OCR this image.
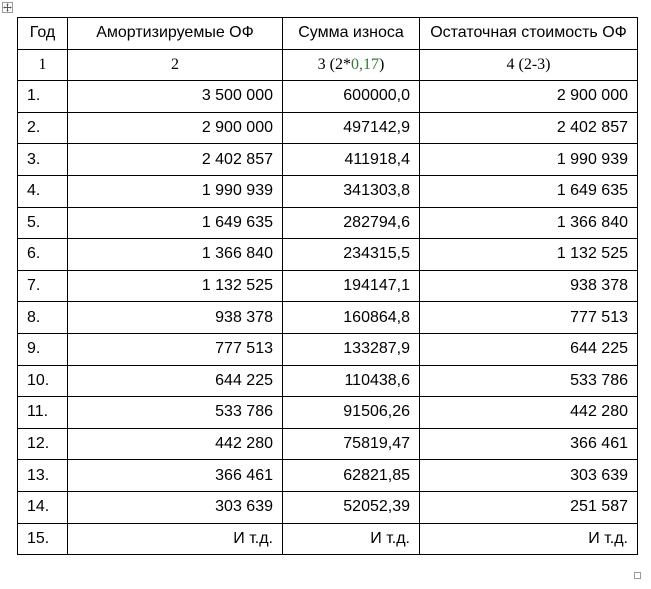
Год	Амортизируемые ОФ	Сумма износа	Остаточная стоимость ОФ
1	2	3 (2*0,17)	4 (2-3)
1.	3 500 000	600000,0	2 900 000
2.	2 900 000	497142,9	2 402 857
3.	2 402 857	411918,4	1 990 939
4.	1 990 939	341303,8	1 649 635
5.	1 649 635	282794,6	1 366 840
6.	1 366 840	234315,5	1 132 525
7.	1 132 525	194147,1	938 378
8.	938 378	160864,8	777 513
9.	777 513	133287,9	644 225
10.	644 225	110438,6	533 786
11.	533 786	91506,26	442 280
12.	442 280	75819,47	366 461
13.	366 461	62821,85	303 639
14.	303 639	52052,39	251 587
15.	И т.д.	И т.д.	И т.д.
